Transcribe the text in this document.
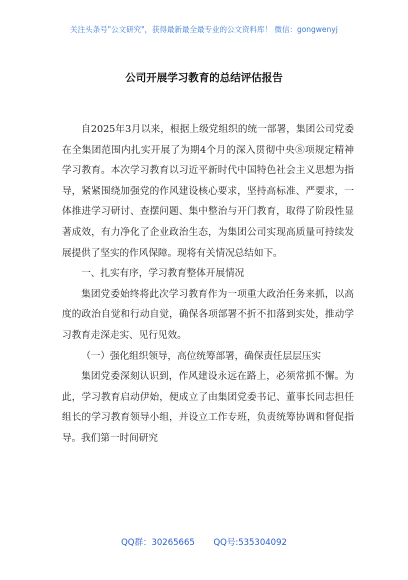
关注头条号"公文研究"，获得最新最全最专业的公文资料库！ 微信：gongwenyj
公司开展学习教育的总结评估报告

自2025年3月以来，根据上级党组织的统一部署，集团公司党委在全集团范围内扎实开展了为期4个月的深入贯彻中央⑧项规定精神学习教育。本次学习教育以习近平新时代中国特色社会主义思想为指导，紧紧围绕加强党的作风建设核心要求，坚持高标准、严要求，一体推进学习研讨、查摆问题、集中整治与开门教育，取得了阶段性显著成效，有力净化了企业政治生态，为集团公司实现高质量可持续发展提供了坚实的作风保障。现将有关情况总结如下。

一、扎实有序，学习教育整体开展情况

集团党委始终将此次学习教育作为一项重大政治任务来抓，以高度的政治自觉和行动自觉，确保各项部署不折不扣落到实处，推动学习教育走深走实、见行见效。

（一）强化组织领导，高位统筹部署，确保责任层层压实

集团党委深刻认识到，作风建设永远在路上，必须常抓不懈。为此，学习教育启动伊始，便成立了由集团党委书记、董事长同志担任组长的学习教育领导小组，并设立工作专班，负责统筹协调和督促指导。我们第一时间研究

QQ群：30265665 QQ号:535304092
